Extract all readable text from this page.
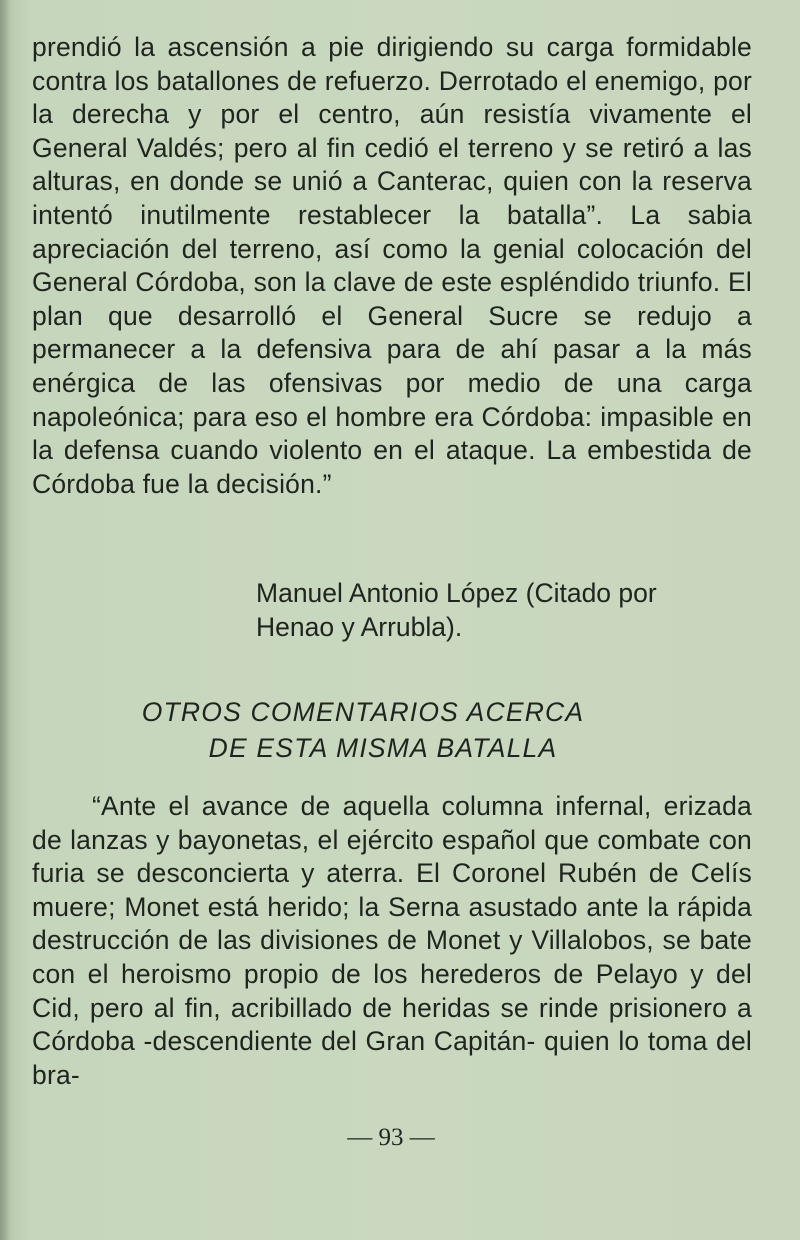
prendió la ascensión a pie dirigiendo su carga formidable contra los batallones de refuerzo. Derrotado el enemigo, por la derecha y por el centro, aún resistía vivamente el General Valdés; pero al fin cedió el terreno y se retiró a las alturas, en donde se unió a Canterac, quien con la reserva intentó inutilmente restablecer la batalla”. La sabia apreciación del terreno, así como la genial colocación del General Córdoba, son la clave de este espléndido triunfo. El plan que desarrolló el General Sucre se redujo a permanecer a la defensiva para de ahí pasar a la más enérgica de las ofensivas por medio de una carga napoleónica; para eso el hombre era Córdoba: impasible en la defensa cuando violento en el ataque. La embestida de Córdoba fue la decisión.”

Manuel Antonio López (Citado por
Henao y Arrubla).
OTROS COMENTARIOS ACERCA
DE ESTA MISMA BATALLA

“Ante el avance de aquella columna infernal, erizada de lanzas y bayonetas, el ejército español que combate con furia se desconcierta y aterra. El Coronel Rubén de Celís muere; Monet está herido; la Serna asustado ante la rápida destrucción de las divisiones de Monet y Villalobos, se bate con el heroismo propio de los herederos de Pelayo y del Cid, pero al fin, acribillado de heridas se rinde prisionero a Córdoba -descendiente del Gran Capitán- quien lo toma del bra-

— 93 —
